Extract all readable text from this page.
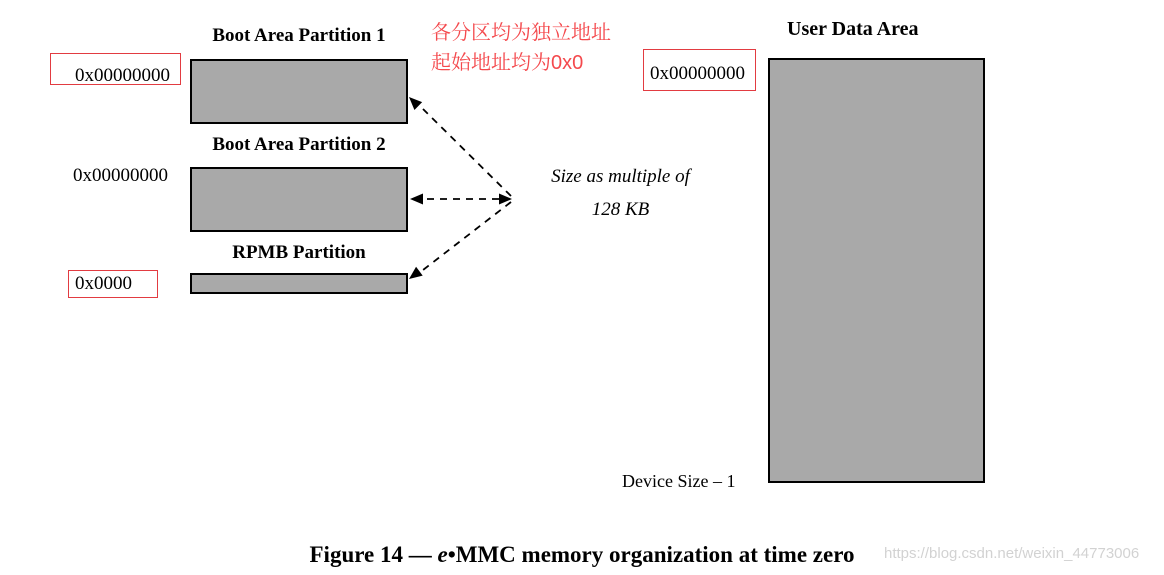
Boot Area Partition 1
0x00000000
Boot Area Partition 2
0x00000000
RPMB Partition
0x0000
User Data Area
0x00000000
Device Size – 1
各分区均为独立地址
起始地址均为0x0
Size as multiple of
128 KB
Figure 14 — e•MMC memory organization at time zero	https://blog.csdn.net/weixin_44773006
